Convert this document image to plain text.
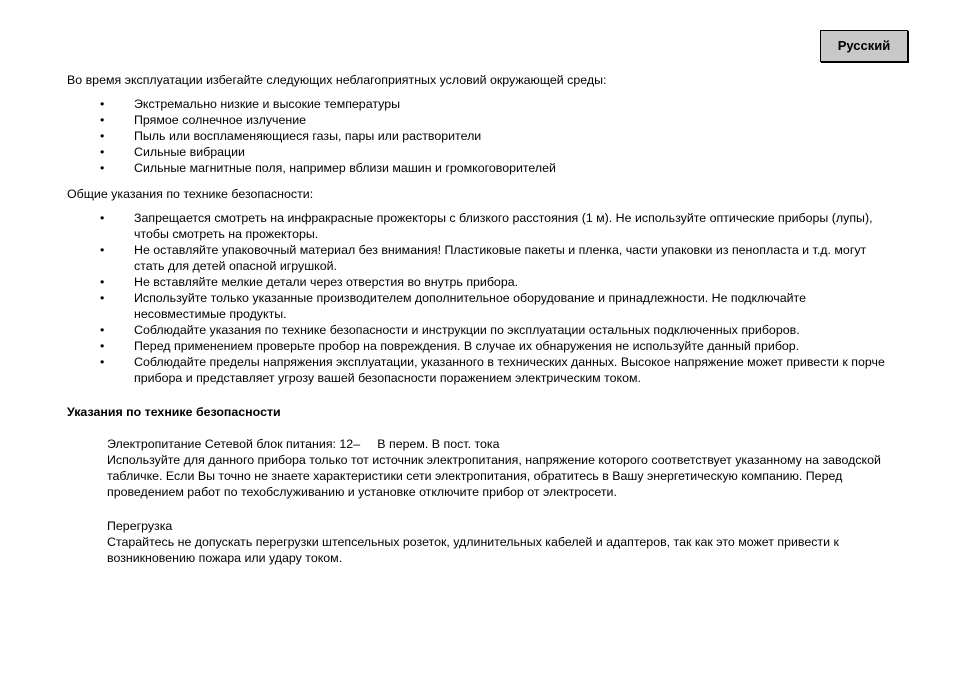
Русский

Во время эксплуатации избегайте следующих неблагоприятных условий окружающей среды:

• Экстремально низкие и высокие температуры
• Прямое солнечное излучение
• Пыль или воспламеняющиеся газы, пары или растворители
• Сильные вибрации
• Сильные магнитные поля, например вблизи машин и громкоговорителей

Общие указания по технике безопасности:

• Запрещается смотреть на инфракрасные прожекторы с близкого расстояния (1 м). Не используйте оптические приборы (лупы), чтобы смотреть на прожекторы.
• Не оставляйте упаковочный материал без внимания! Пластиковые пакеты и пленка, части упаковки из пенопласта и т.д. могут стать для детей опасной игрушкой.
• Не вставляйте мелкие детали через отверстия во внутрь прибора.
• Используйте только указанные производителем дополнительное оборудование и принадлежности. Не подключайте несовместимые продукты.
• Соблюдайте указания по технике безопасности и инструкции по эксплуатации остальных подключенных приборов.
• Перед применением проверьте пробор на повреждения. В случае их обнаружения не используйте данный прибор.
• Соблюдайте пределы напряжения эксплуатации, указанного в технических данных. Высокое напряжение может привести к порче прибора и представляет угрозу вашей безопасности поражением электрическим током.

Указания по технике безопасности

Электропитание Сетевой блок питания: 12–     В перем. В пост. тока

Используйте для данного прибора только тот источник электропитания, напряжение которого соответствует указанному на заводской табличке. Если Вы точно не знаете характеристики сети электропитания, обратитесь в Вашу энергетическую компанию. Перед проведением работ по техобслуживанию и установке отключите прибор от электросети.

Перегрузка

Старайтесь не допускать перегрузки штепсельных розеток, удлинительных кабелей и адаптеров, так как это может привести к возникновению пожара или удару током.
